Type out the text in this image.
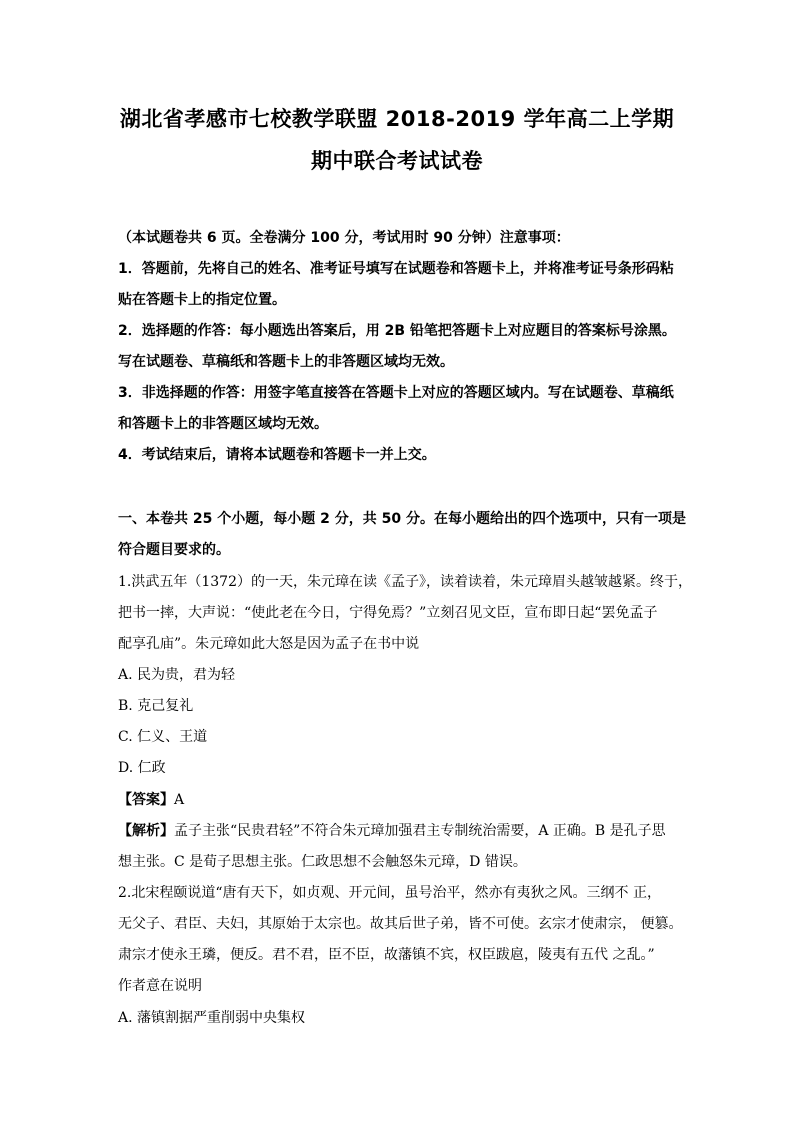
湖北省孝感市七校教学联盟 2018-2019 学年高二上学期
期中联合考试试卷
（本试题卷共 6 页。全卷满分 100 分，考试用时 90 分钟）注意事项：
1．答题前，先将自己的姓名、准考证号填写在试题卷和答题卡上，并将准考证号条形码粘
贴在答题卡上的指定位置。
2．选择题的作答：每小题选出答案后，用 2B 铅笔把答题卡上对应题目的答案标号涂黑。
写在试题卷、草稿纸和答题卡上的非答题区域均无效。
3．非选择题的作答：用签字笔直接答在答题卡上对应的答题区域内。写在试题卷、草稿纸
和答题卡上的非答题区域均无效。
4．考试结束后，请将本试题卷和答题卡一并上交。
一、本卷共 25 个小题，每小题 2 分，共 50 分。在每小题给出的四个选项中，只有一项是
符合题目要求的。
1.洪武五年（1372）的一天，朱元璋在读《孟子》，读着读着，朱元璋眉头越皱越紧。终于，
把书一摔，大声说：“使此老在今日，宁得免焉？”立刻召见文臣，宣布即日起“罢免孟子
配享孔庙”。朱元璋如此大怒是因为孟子在书中说
A. 民为贵，君为轻
B. 克己复礼
C. 仁义、王道
D. 仁政
【答案】A
【解析】孟子主张“民贵君轻”不符合朱元璋加强君主专制统治需要，A 正确。B 是孔子思
想主张。C 是荀子思想主张。仁政思想不会触怒朱元璋，D 错误。
2.北宋程颐说道“唐有天下，如贞观、开元间，虽号治平，然亦有夷狄之风。三纲不 正，
无父子、君臣、夫妇，其原始于太宗也。故其后世子弟，皆不可使。玄宗才使肃宗， 便篡。
肃宗才使永王璘，便反。君不君，臣不臣，故藩镇不宾，权臣跋扈，陵夷有五代 之乱。”
作者意在说明
A. 藩镇割据严重削弱中央集权
